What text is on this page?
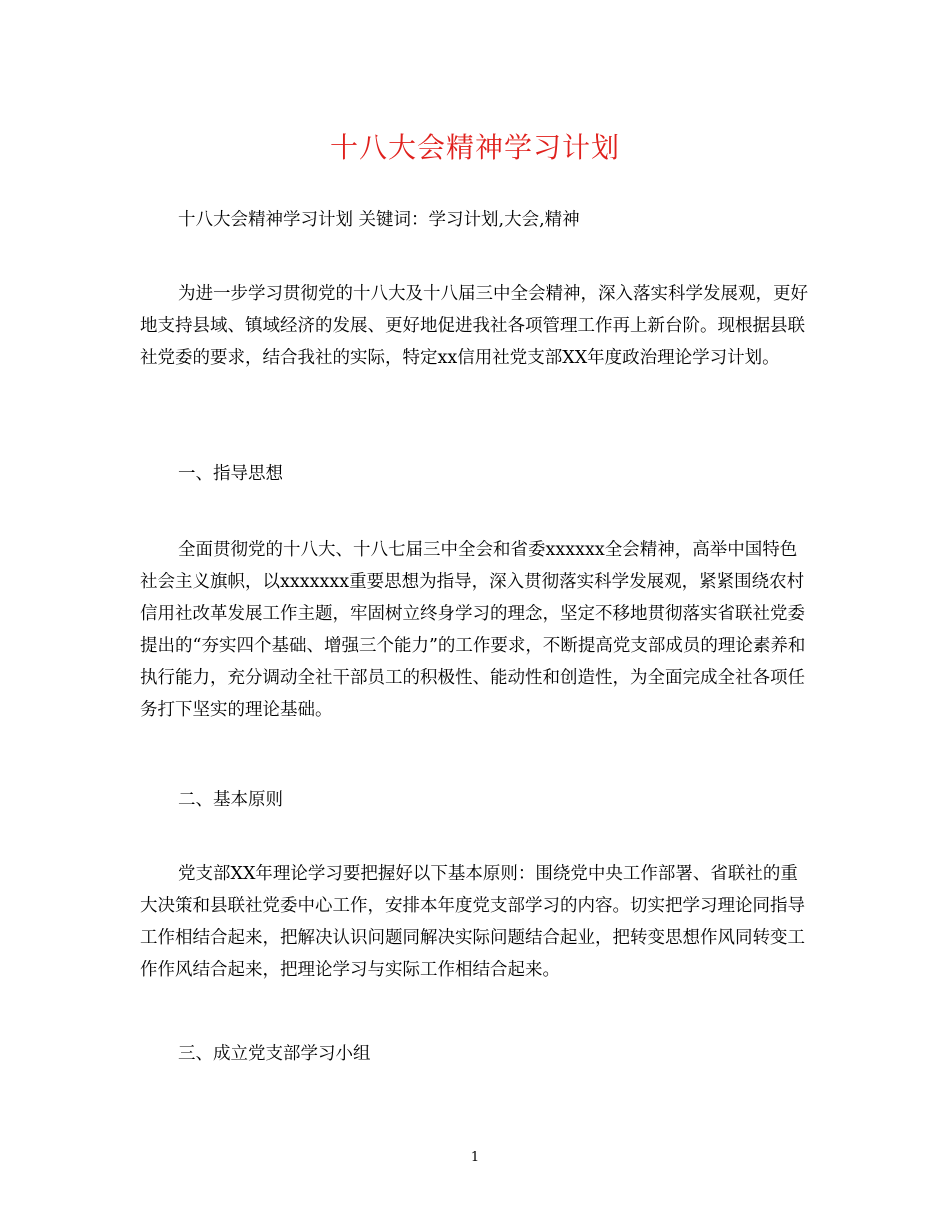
十八大会精神学习计划

十八大会精神学习计划 关键词：学习计划,大会,精神

为进一步学习贯彻党的十八大及十八届三中全会精神，深入落实科学发展观，更好地支持县域、镇域经济的发展、更好地促进我社各项管理工作再上新台阶。现根据县联社党委的要求，结合我社的实际，特定xx信用社党支部XX年度政治理论学习计划。

一、指导思想

全面贯彻党的十八大、十八七届三中全会和省委xxxxxx全会精神，高举中国特色社会主义旗帜，以xxxxxxx重要思想为指导，深入贯彻落实科学发展观，紧紧围绕农村信用社改革发展工作主题，牢固树立终身学习的理念，坚定不移地贯彻落实省联社党委提出的“夯实四个基础、增强三个能力”的工作要求，不断提高党支部成员的理论素养和执行能力，充分调动全社干部员工的积极性、能动性和创造性，为全面完成全社各项任务打下坚实的理论基础。

二、基本原则

党支部XX年理论学习要把握好以下基本原则：围绕党中央工作部署、省联社的重大决策和县联社党委中心工作，安排本年度党支部学习的内容。切实把学习理论同指导工作相结合起来，把解决认识问题同解决实际问题结合起业，把转变思想作风同转变工作作风结合起来，把理论学习与实际工作相结合起来。

三、成立党支部学习小组

1
